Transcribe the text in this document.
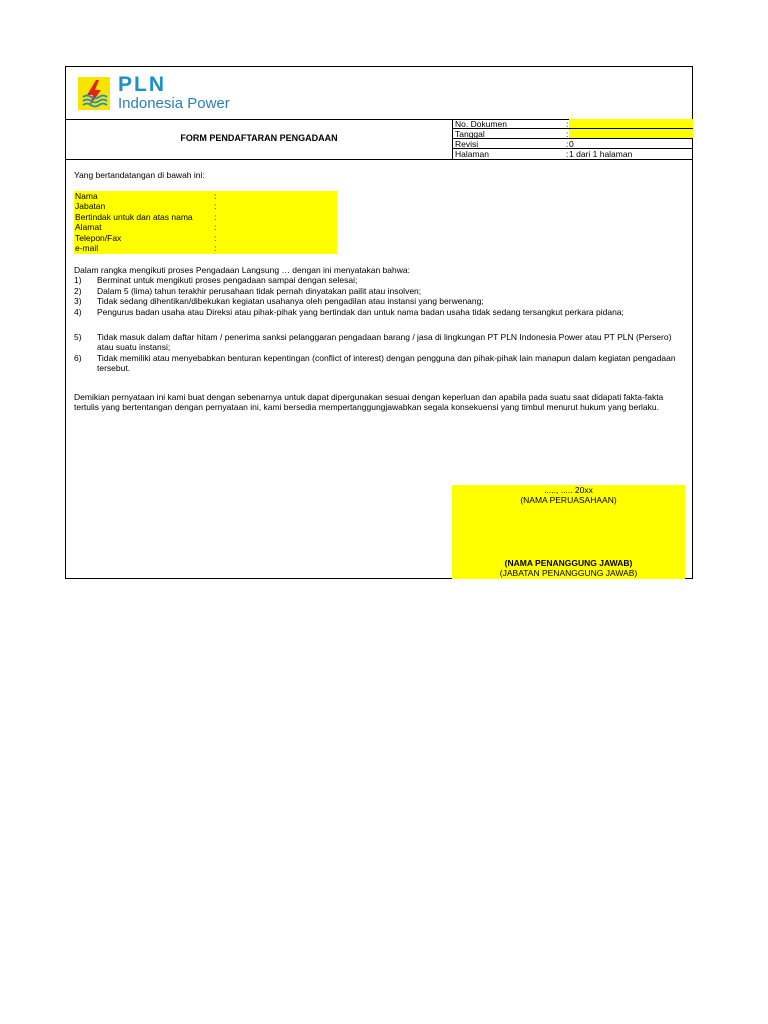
PLN
Indonesia Power
FORM PENDAFTARAN PENGADAAN
No. Dokumen	:
Tanggal	:
Revisi	: 0
Halaman	: 1 dari 1 halaman
Yang bertandatangan di bawah ini:
Nama	:
Jabatan	:
Bertindak untuk dan atas nama	:
Alamat	:
Telepon/Fax	:
e-mail	:
Dalam rangka mengikuti proses Pengadaan Langsung … dengan ini menyatakan bahwa:
1) Berminat untuk mengikuti proses pengadaan sampai dengan selesai;
2) Dalam 5 (lima) tahun terakhir perusahaan tidak pernah dinyatakan pailit atau insolven;
3) Tidak sedang dihentikan/dibekukan kegiatan usahanya oleh pengadilan atau instansi yang berwenang;
4) Pengurus badan usaha atau Direksi atau pihak-pihak yang bertindak dan untuk nama badan usaha tidak sedang tersangkut perkara pidana;
5) Tidak masuk dalam daftar hitam / penerima sanksi pelanggaran pengadaan barang / jasa di lingkungan PT PLN Indonesia Power atau PT PLN (Persero) atau suatu instansi;
6) Tidak memiliki atau menyebabkan benturan kepentingan (conflict of interest) dengan pengguna dan pihak-pihak lain manapun dalam kegiatan pengadaan tersebut.
Demikian pernyataan ini kami buat dengan sebenarnya untuk dapat dipergunakan sesuai dengan keperluan dan apabila pada suatu saat didapati fakta-fakta tertulis yang bertentangan dengan pernyataan ini, kami bersedia mempertanggungjawabkan segala konsekuensi yang timbul menurut hukum yang berlaku.
....., ..... 20xx
(NAMA PERUASAHAAN)
(NAMA PENANGGUNG JAWAB)
(JABATAN PENANGGUNG JAWAB)
